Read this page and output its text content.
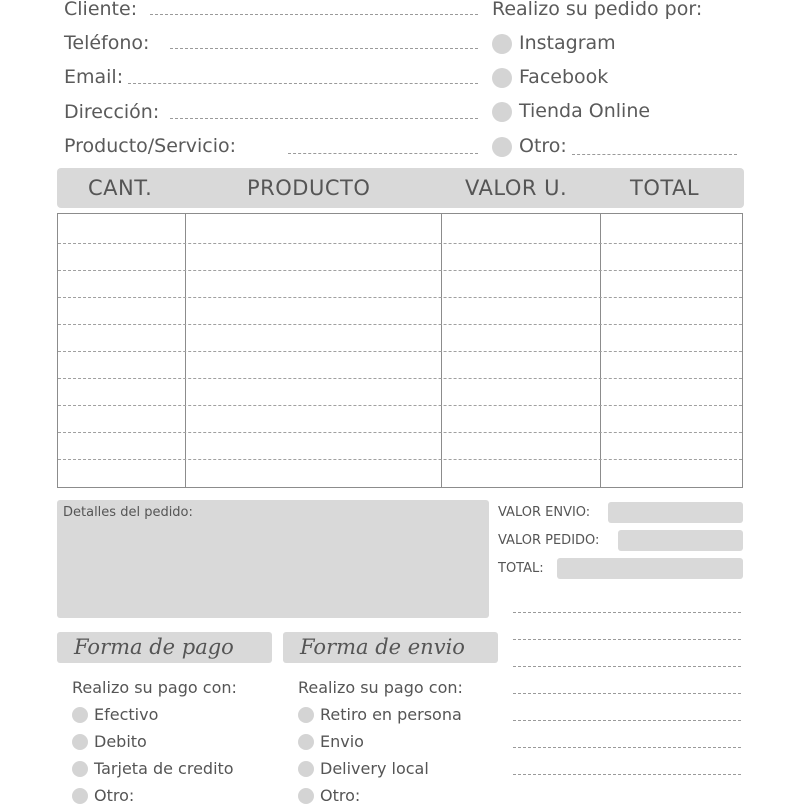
Cliente:
Teléfono:
Email:
Dirección:
Producto/Servicio:
Realizo su pedido por:
Instagram
Facebook
Tienda Online
Otro:
CANT.	PRODUCTO	VALOR U.	TOTAL
Detalles del pedido:	VALOR ENVIO:
VALOR PEDIDO:
TOTAL:
Forma de pago
Realizo su pago con:
Efectivo
Debito
Tarjeta de credito
Otro:
Forma de envio
Realizo su pago con:
Retiro en persona
Envio
Delivery local
Otro:
